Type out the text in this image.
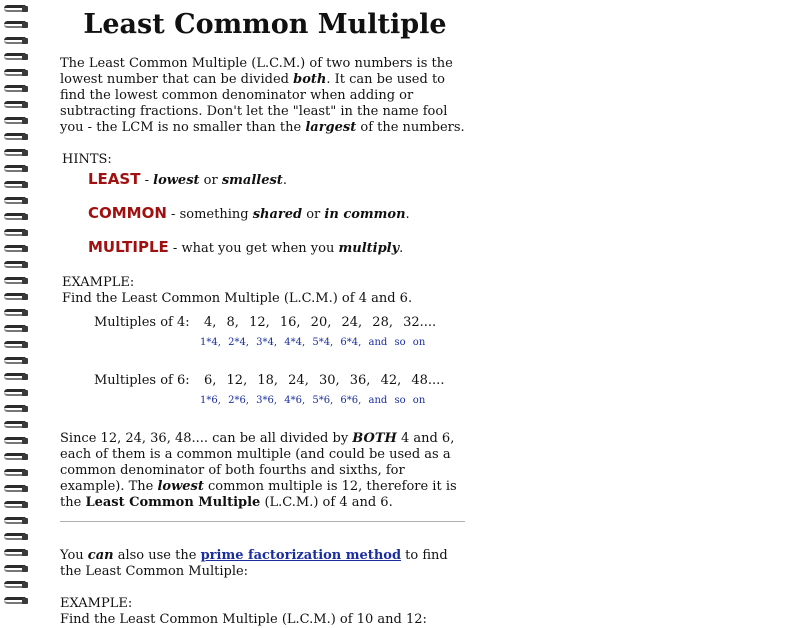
Least Common Multiple
The Least Common Multiple (L.C.M.) of two numbers is the lowest number that can be divided both. It can be used to find the lowest common denominator when adding or subtracting fractions. Don't let the "least" in the name fool you - the LCM is no smaller than the largest of the numbers.
HINTS:
LEAST - lowest or smallest.
COMMON - something shared or in common.
MULTIPLE - what you get when you multiply.
EXAMPLE:
Find the Least Common Multiple (L.C.M.) of 4 and 6.
Multiples of 4:	4, 8, 12, 16, 20, 24, 28, 32....
1*4, 2*4, 3*4, 4*4, 5*4, 6*4, and so on
Multiples of 6:	6, 12, 18, 24, 30, 36, 42, 48....
1*6, 2*6, 3*6, 4*6, 5*6, 6*6, and so on
Since 12, 24, 36, 48.... can be all divided by BOTH 4 and 6, each of them is a common multiple (and could be used as a common denominator of both fourths and sixths, for example). The lowest common multiple is 12, therefore it is the Least Common Multiple (L.C.M.) of 4 and 6.
You can also use the prime factorization method to find the Least Common Multiple:
EXAMPLE:
Find the Least Common Multiple (L.C.M.) of 10 and 12:
